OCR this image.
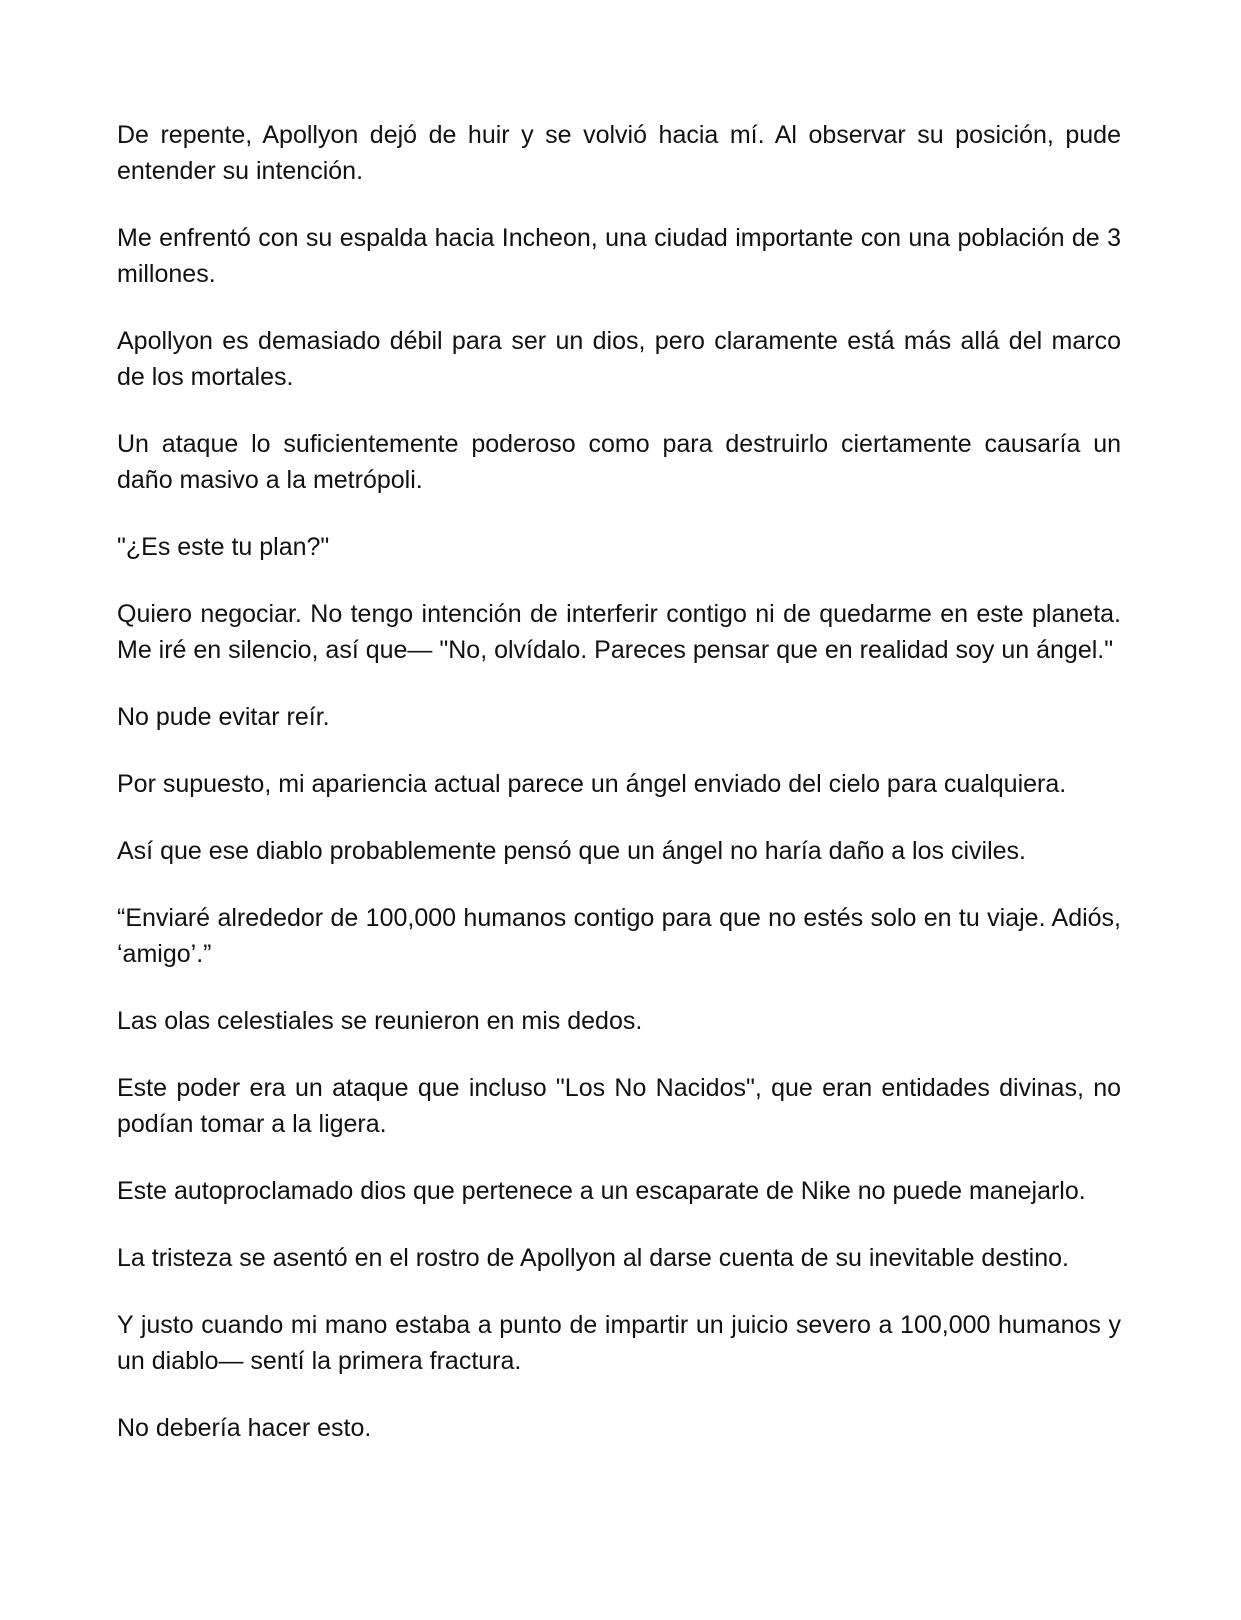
De repente, Apollyon dejó de huir y se volvió hacia mí. Al observar su posición, pude entender su intención.

Me enfrentó con su espalda hacia Incheon, una ciudad importante con una población de 3 millones.

Apollyon es demasiado débil para ser un dios, pero claramente está más allá del marco de los mortales.

Un ataque lo suficientemente poderoso como para destruirlo ciertamente causaría un daño masivo a la metrópoli.

"¿Es este tu plan?"

Quiero negociar. No tengo intención de interferir contigo ni de quedarme en este planeta. Me iré en silencio, así que— "No, olvídalo. Pareces pensar que en realidad soy un ángel."

No pude evitar reír.

Por supuesto, mi apariencia actual parece un ángel enviado del cielo para cualquiera.

Así que ese diablo probablemente pensó que un ángel no haría daño a los civiles.

“Enviaré alrededor de 100,000 humanos contigo para que no estés solo en tu viaje. Adiós, ‘amigo’.”

Las olas celestiales se reunieron en mis dedos.

Este poder era un ataque que incluso "Los No Nacidos", que eran entidades divinas, no podían tomar a la ligera.

Este autoproclamado dios que pertenece a un escaparate de Nike no puede manejarlo.

La tristeza se asentó en el rostro de Apollyon al darse cuenta de su inevitable destino.

Y justo cuando mi mano estaba a punto de impartir un juicio severo a 100,000 humanos y un diablo— sentí la primera fractura.

No debería hacer esto.
